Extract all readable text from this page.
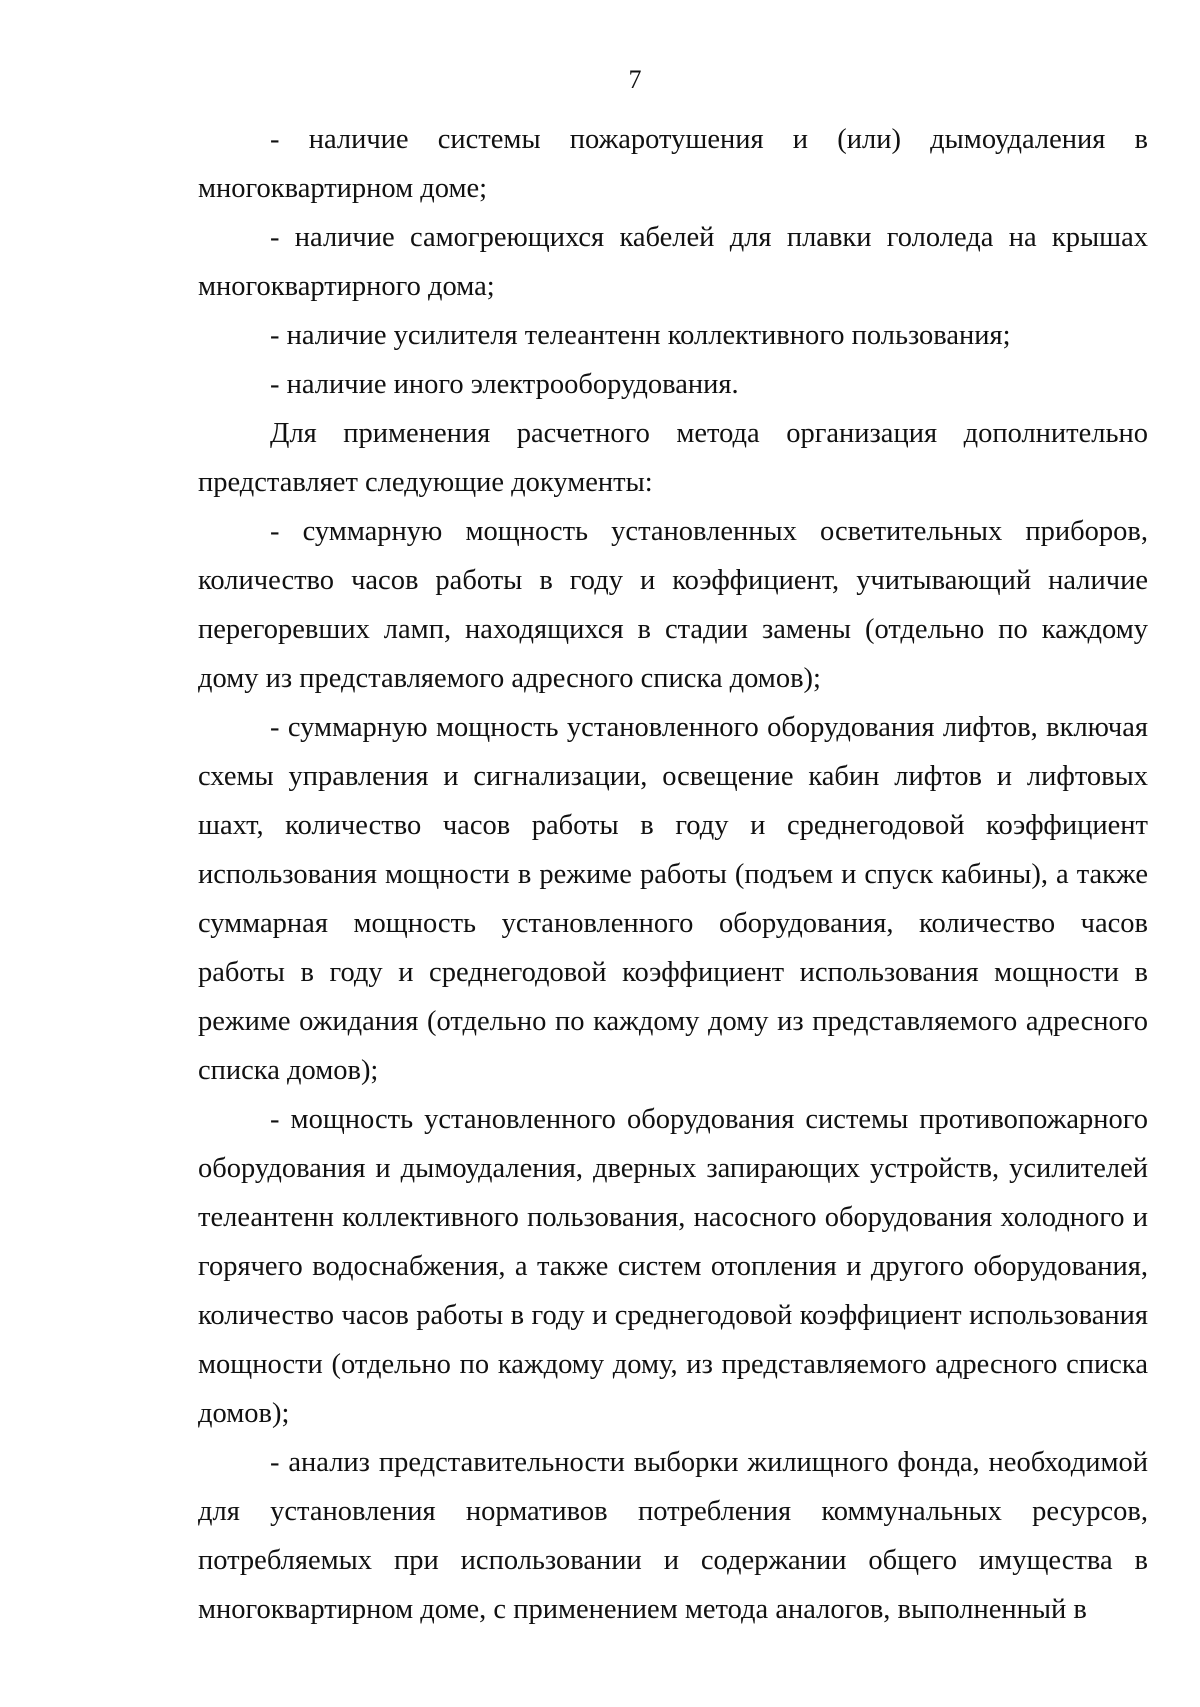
7

- наличие системы пожаротушения и (или) дымоудаления в многоквартирном доме;

- наличие самогреющихся кабелей для плавки гололеда на крышах многоквартирного дома;

- наличие усилителя телеантенн коллективного пользования;

- наличие иного электрооборудования.

Для применения расчетного метода организация дополнительно представляет следующие документы:

- суммарную мощность установленных осветительных приборов, количество часов работы в году и коэффициент, учитывающий наличие перегоревших ламп, находящихся в стадии замены (отдельно по каждому дому из представляемого адресного списка домов);

- суммарную мощность установленного оборудования лифтов, включая схемы управления и сигнализации, освещение кабин лифтов и лифтовых шахт, количество часов работы в году и среднегодовой коэффициент использования мощности в режиме работы (подъем и спуск кабины), а также суммарная мощность установленного оборудования, количество часов работы в году и среднегодовой коэффициент использования мощности в режиме ожидания (отдельно по каждому дому из представляемого адресного списка домов);

- мощность установленного оборудования системы противопожарного оборудования и дымоудаления, дверных запирающих устройств, усилителей телеантенн коллективного пользования, насосного оборудования холодного и горячего водоснабжения, а также систем отопления и другого оборудования, количество часов работы в году и среднегодовой коэффициент использования мощности (отдельно по каждому дому, из представляемого адресного списка домов);

- анализ представительности выборки жилищного фонда, необходимой для установления нормативов потребления коммунальных ресурсов, потребляемых при использовании и содержании общего имущества в многоквартирном доме, с применением метода аналогов, выполненный в
